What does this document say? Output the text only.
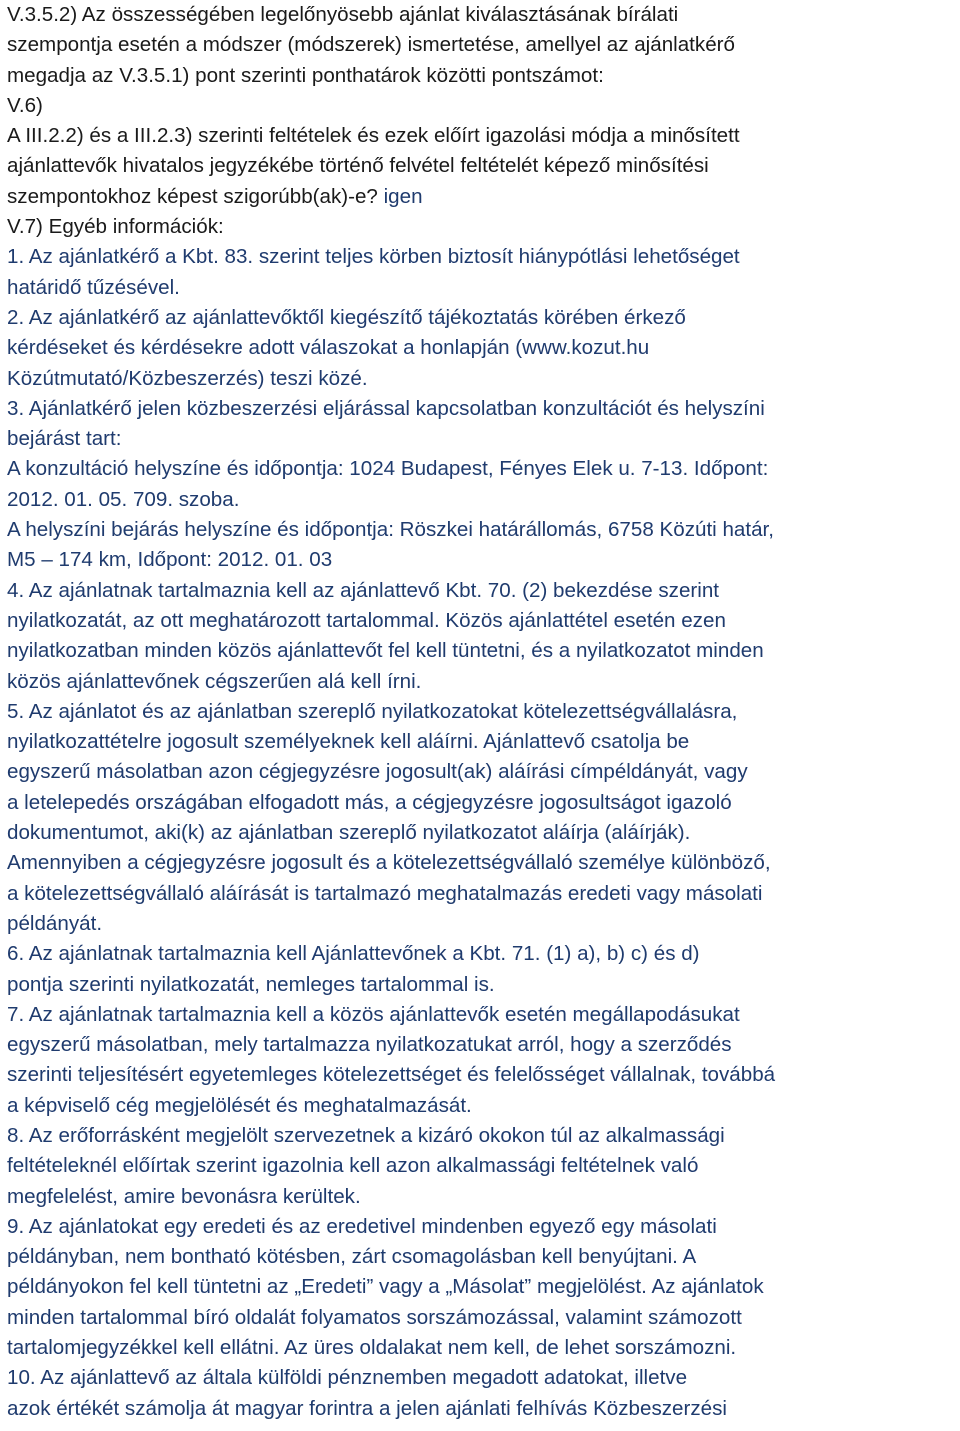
V.3.5.2) Az összességében legelőnyösebb ajánlat kiválasztásának bírálati
szempontja esetén a módszer (módszerek) ismertetése, amellyel az ajánlatkérő
megadja az V.3.5.1) pont szerinti ponthatárok közötti pontszámot:
V.6)
A III.2.2) és a III.2.3) szerinti feltételek és ezek előírt igazolási módja a minősített
ajánlattevők hivatalos jegyzékébe történő felvétel feltételét képező minősítési
szempontokhoz képest szigorúbb(ak)-e? igen
V.7) Egyéb információk:
1. Az ajánlatkérő a Kbt. 83. szerint teljes körben biztosít hiánypótlási lehetőséget
határidő tűzésével.
2. Az ajánlatkérő az ajánlattevőktől kiegészítő tájékoztatás körében érkező
kérdéseket és kérdésekre adott válaszokat a honlapján (www.kozut.hu
Közútmutató/Közbeszerzés) teszi közé.
3. Ajánlatkérő jelen közbeszerzési eljárással kapcsolatban konzultációt és helyszíni
bejárást tart:
A konzultáció helyszíne és időpontja: 1024 Budapest, Fényes Elek u. 7-13. Időpont:
2012. 01. 05. 709. szoba.
A helyszíni bejárás helyszíne és időpontja: Röszkei határállomás, 6758 Közúti határ,
M5 – 174 km, Időpont: 2012. 01. 03
4. Az ajánlatnak tartalmaznia kell az ajánlattevő Kbt. 70. (2) bekezdése szerint
nyilatkozatát, az ott meghatározott tartalommal. Közös ajánlattétel esetén ezen
nyilatkozatban minden közös ajánlattevőt fel kell tüntetni, és a nyilatkozatot minden
közös ajánlattevőnek cégszerűen alá kell írni.
5. Az ajánlatot és az ajánlatban szereplő nyilatkozatokat kötelezettségvállalásra,
nyilatkozattételre jogosult személyeknek kell aláírni. Ajánlattevő csatolja be
egyszerű másolatban azon cégjegyzésre jogosult(ak) aláírási címpéldányát, vagy
a letelepedés országában elfogadott más, a cégjegyzésre jogosultságot igazoló
dokumentumot, aki(k) az ajánlatban szereplő nyilatkozatot aláírja (aláírják).
Amennyiben a cégjegyzésre jogosult és a kötelezettségvállaló személye különböző,
a kötelezettségvállaló aláírását is tartalmazó meghatalmazás eredeti vagy másolati
példányát.
6. Az ajánlatnak tartalmaznia kell Ajánlattevőnek a Kbt. 71. (1) a), b) c) és d)
pontja szerinti nyilatkozatát, nemleges tartalommal is.
7. Az ajánlatnak tartalmaznia kell a közös ajánlattevők esetén megállapodásukat
egyszerű másolatban, mely tartalmazza nyilatkozatukat arról, hogy a szerződés
szerinti teljesítésért egyetemleges kötelezettséget és felelősséget vállalnak, továbbá
a képviselő cég megjelölését és meghatalmazását.
8. Az erőforrásként megjelölt szervezetnek a kizáró okokon túl az alkalmassági
feltételeknél előírtak szerint igazolnia kell azon alkalmassági feltételnek való
megfelelést, amire bevonásra kerültek.
9. Az ajánlatokat egy eredeti és az eredetivel mindenben egyező egy másolati
példányban, nem bontható kötésben, zárt csomagolásban kell benyújtani. A
példányokon fel kell tüntetni az „Eredeti” vagy a „Másolat” megjelölést. Az ajánlatok
minden tartalommal bíró oldalát folyamatos sorszámozással, valamint számozott
tartalomjegyzékkel kell ellátni. Az üres oldalakat nem kell, de lehet sorszámozni.
10. Az ajánlattevő az általa külföldi pénznemben megadott adatokat, illetve
azok értékét számolja át magyar forintra a jelen ajánlati felhívás Közbeszerzési
